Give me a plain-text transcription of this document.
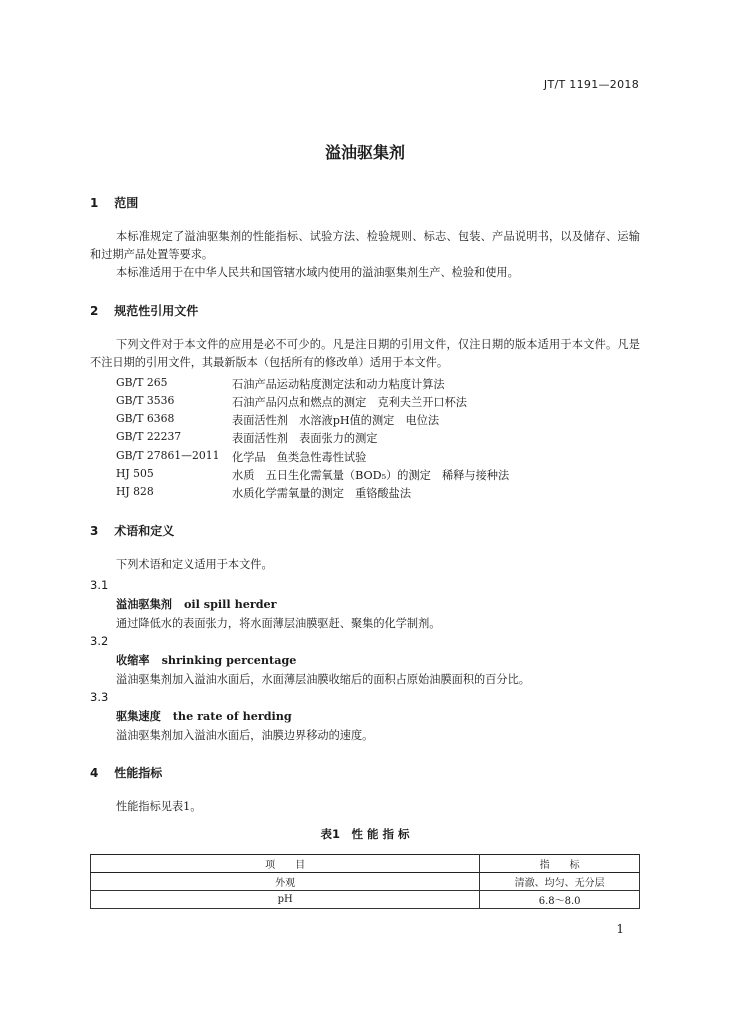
JT/T 1191—2018
溢油驱集剂
1 范围
本标准规定了溢油驱集剂的性能指标、试验方法、检验规则、标志、包装、产品说明书，以及储存、运输和过期产品处置等要求。
本标准适用于在中华人民共和国管辖水域内使用的溢油驱集剂生产、检验和使用。
2 规范性引用文件
下列文件对于本文件的应用是必不可少的。凡是注日期的引用文件，仅注日期的版本适用于本文件。凡是不注日期的引用文件，其最新版本（包括所有的修改单）适用于本文件。
GB/T 265	石油产品运动粘度测定法和动力粘度计算法
GB/T 3536	石油产品闪点和燃点的测定　克利夫兰开口杯法
GB/T 6368	表面活性剂　水溶液pH值的测定　电位法
GB/T 22237	表面活性剂　表面张力的测定
GB/T 27861—2011 化学品　鱼类急性毒性试验
HJ 505	水质　五日生化需氧量（BOD₅）的测定　稀释与接种法
HJ 828	水质化学需氧量的测定　重铬酸盐法
3 术语和定义
下列术语和定义适用于本文件。
3.1
溢油驱集剂 oil spill herder
通过降低水的表面张力，将水面薄层油膜驱赶、聚集的化学制剂。
3.2
收缩率 shrinking percentage
溢油驱集剂加入溢油水面后，水面薄层油膜收缩后的面积占原始油膜面积的百分比。
3.3
驱集速度 the rate of herding
溢油驱集剂加入溢油水面后，油膜边界移动的速度。
4 性能指标
性能指标见表1。
表1　性 能 指 标
项　　目	指　　标
外观	清澈、均匀、无分层
pH	6.8～8.0
1
